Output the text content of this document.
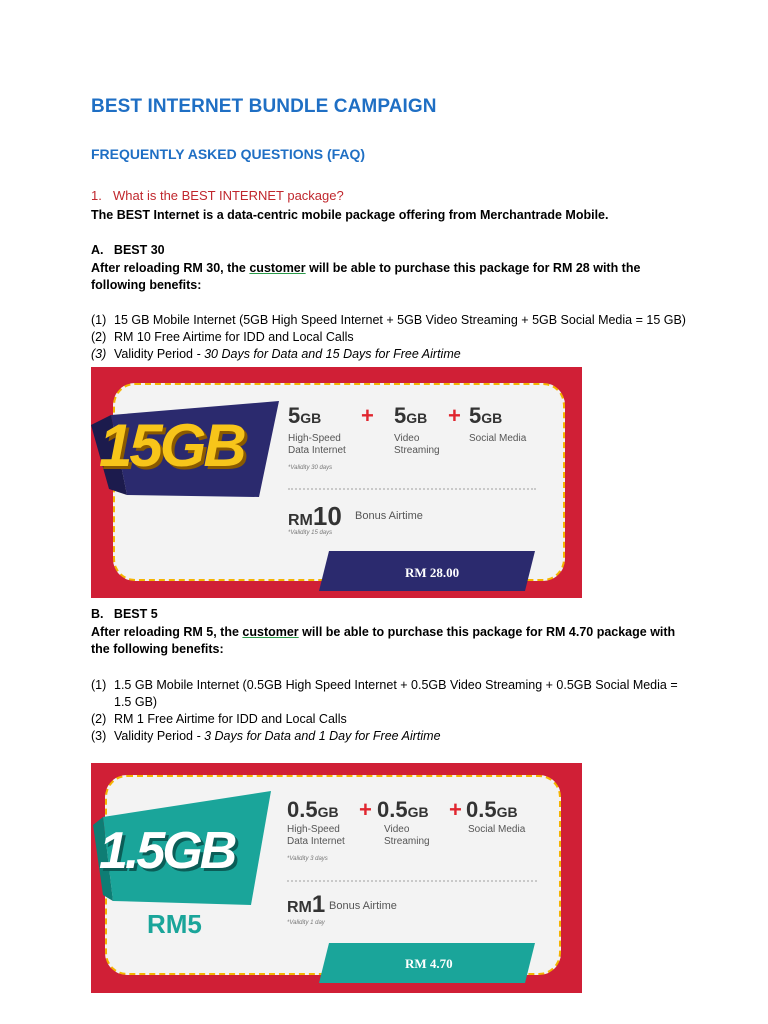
BEST INTERNET BUNDLE CAMPAIGN
FREQUENTLY ASKED QUESTIONS (FAQ)
1. What is the BEST INTERNET package?
The BEST Internet is a data-centric mobile package offering from Merchantrade Mobile.
A.   BEST 30
After reloading RM 30, the customer will be able to purchase this package for RM 28 with the
following benefits:
(1) 15 GB Mobile Internet (5GB High Speed Internet + 5GB Video Streaming + 5GB Social Media = 15 GB)
(2) RM 10 Free Airtime for IDD and Local Calls
(3) Validity Period - 30 Days for Data and 15 Days for Free Airtime
15GB 5GB + 5GB + 5GB
High-Speed
Data Internet
Video
Streaming
Social Media
*Validity 30 days
RM10 Bonus Airtime
*Validity 15 days
RM 28.00
B.   BEST 5
After reloading RM 5, the customer will be able to purchase this package for RM 4.70 package with
the following benefits:
(1) 1.5 GB Mobile Internet (0.5GB High Speed Internet + 0.5GB Video Streaming + 0.5GB Social Media =
1.5 GB)
(2) RM 1 Free Airtime for IDD and Local Calls
(3) Validity Period - 3 Days for Data and 1 Day for Free Airtime
1.5GB
RM5
0.5GB + 0.5GB + 0.5GB
High-Speed
Data Internet
Video
Streaming
Social Media
*Validity 3 days
RM1 Bonus Airtime
*Validity 1 day
RM 4.70
